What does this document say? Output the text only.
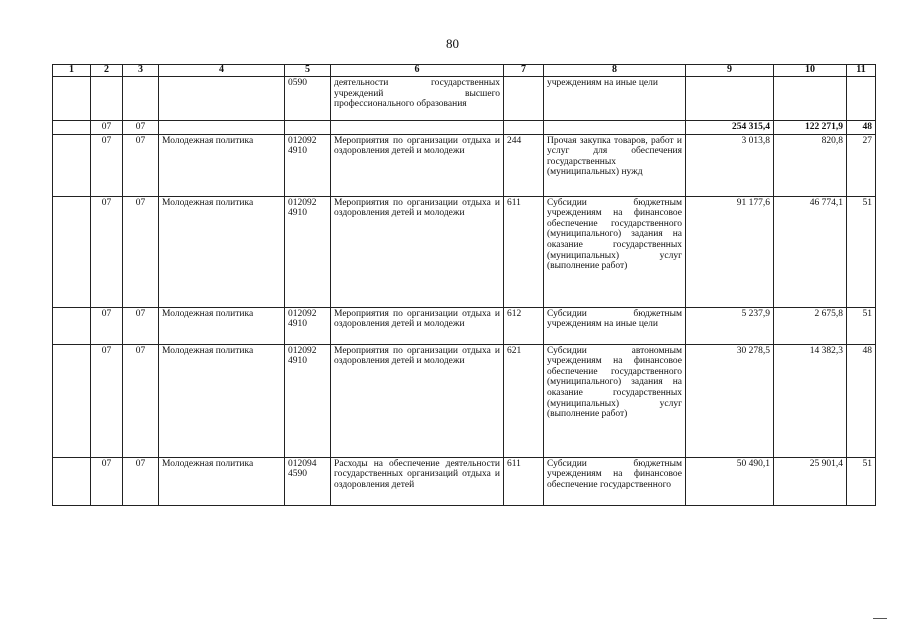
80
1	2	3	4	5	6	7	8	9	10	11
				0590	деятельности государственных учреждений высшего профессионального образования		учреждениям на иные цели			
	07	07						254 315,4	122 271,9	48
	07	07	Молодежная политика	012092 4910	Мероприятия по организации отдыха и оздоровления детей и молодежи	244	Прочая закупка товаров, работ и услуг для обеспечения государственных (муниципальных) нужд	3 013,8	820,8	27
	07	07	Молодежная политика	012092 4910	Мероприятия по организации отдыха и оздоровления детей и молодежи	611	Субсидии бюджетным учреждениям на финансовое обеспечение государственного (муниципального) задания на оказание государственных (муниципальных) услуг (выполнение работ)	91 177,6	46 774,1	51
	07	07	Молодежная политика	012092 4910	Мероприятия по организации отдыха и оздоровления детей и молодежи	612	Субсидии бюджетным учреждениям на иные цели	5 237,9	2 675,8	51
	07	07	Молодежная политика	012092 4910	Мероприятия по организации отдыха и оздоровления детей и молодежи	621	Субсидии автономным учреждениям на финансовое обеспечение государственного (муниципального) задания на оказание государственных (муниципальных) услуг (выполнение работ)	30 278,5	14 382,3	48
	07	07	Молодежная политика	012094 4590	Расходы на обеспечение деятельности государственных организаций отдыха и оздоровления детей	611	Субсидии бюджетным учреждениям на финансовое обеспечение государственного	50 490,1	25 901,4	51
